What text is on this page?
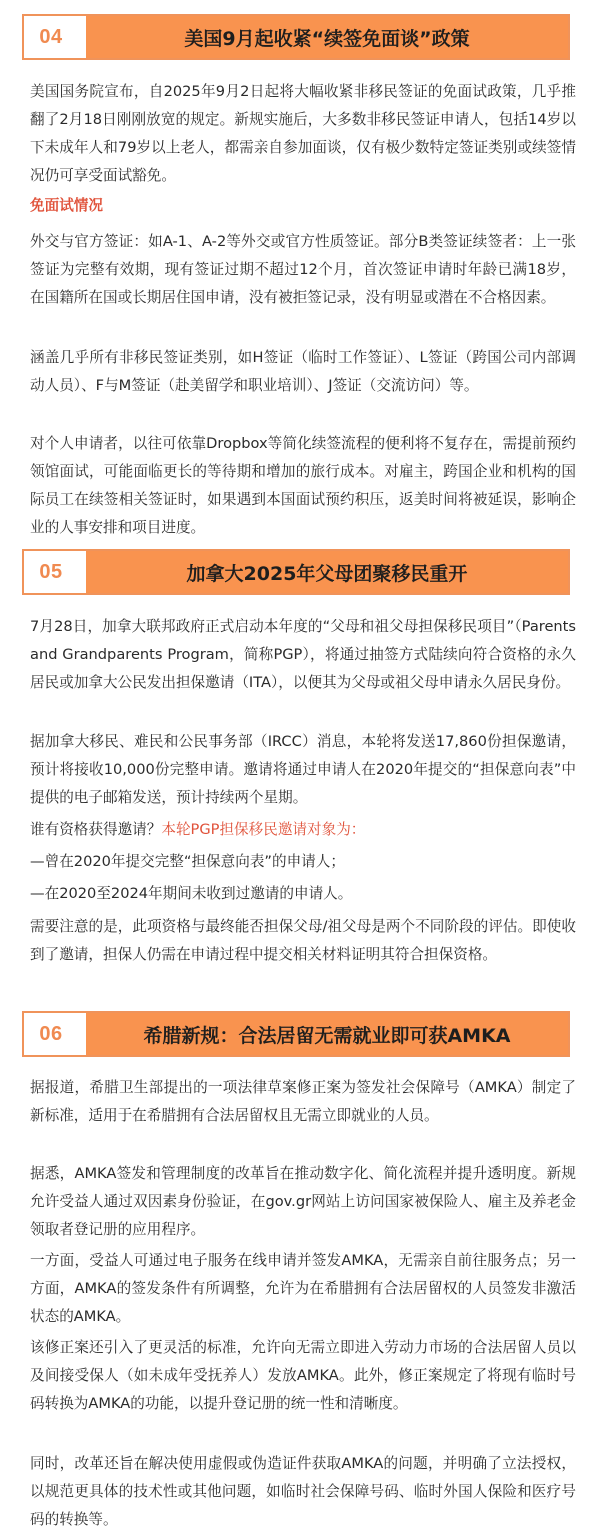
04	美国9月起收紧“续签免面谈”政策

美国国务院宣布，自2025年9月2日起将大幅收紧非移民签证的免面试政策，几乎推翻了2月18日刚刚放宽的规定。新规实施后，大多数非移民签证申请人，包括14岁以下未成年人和79岁以上老人，都需亲自参加面谈，仅有极少数特定签证类别或续签情况仍可享受面试豁免。

免面试情况

外交与官方签证：如A-1、A-2等外交或官方性质签证。部分B类签证续签者：上一张签证为完整有效期，现有签证过期不超过12个月，首次签证申请时年龄已满18岁，在国籍所在国或长期居住国申请，没有被拒签记录，没有明显或潜在不合格因素。

涵盖几乎所有非移民签证类别，如H签证（临时工作签证）、L签证（跨国公司内部调动人员）、F与M签证（赴美留学和职业培训）、J签证（交流访问）等。

对个人申请者，以往可依靠Dropbox等简化续签流程的便利将不复存在，需提前预约领馆面试，可能面临更长的等待期和增加的旅行成本。对雇主，跨国企业和机构的国际员工在续签相关签证时，如果遇到本国面试预约积压，返美时间将被延误，影响企业的人事安排和项目进度。

05	加拿大2025年父母团聚移民重开

7月28日，加拿大联邦政府正式启动本年度的“父母和祖父母担保移民项目”（Parents and Grandparents Program，简称PGP），将通过抽签方式陆续向符合资格的永久居民或加拿大公民发出担保邀请（ITA），以便其为父母或祖父母申请永久居民身份。

据加拿大移民、难民和公民事务部（IRCC）消息，本轮将发送17,860份担保邀请，预计将接收10,000份完整申请。邀请将通过申请人在2020年提交的“担保意向表”中提供的电子邮箱发送，预计持续两个星期。

谁有资格获得邀请？本轮PGP担保移民邀请对象为：

—曾在2020年提交完整“担保意向表”的申请人；

—在2020至2024年期间未收到过邀请的申请人。

需要注意的是，此项资格与最终能否担保父母/祖父母是两个不同阶段的评估。即使收到了邀请，担保人仍需在申请过程中提交相关材料证明其符合担保资格。

06	希腊新规：合法居留无需就业即可获AMKA

据报道，希腊卫生部提出的一项法律草案修正案为签发社会保障号（AMKA）制定了新标准，适用于在希腊拥有合法居留权且无需立即就业的人员。

据悉，AMKA签发和管理制度的改革旨在推动数字化、简化流程并提升透明度。新规允许受益人通过双因素身份验证，在gov.gr网站上访问国家被保险人、雇主及养老金领取者登记册的应用程序。

一方面，受益人可通过电子服务在线申请并签发AMKA，无需亲自前往服务点；另一方面，AMKA的签发条件有所调整，允许为在希腊拥有合法居留权的人员签发非激活状态的AMKA。

该修正案还引入了更灵活的标准，允许向无需立即进入劳动力市场的合法居留人员以及间接受保人（如未成年受抚养人）发放AMKA。此外，修正案规定了将现有临时号码转换为AMKA的功能，以提升登记册的统一性和清晰度。

同时，改革还旨在解决使用虚假或伪造证件获取AMKA的问题，并明确了立法授权，以规范更具体的技术性或其他问题，如临时社会保障号码、临时外国人保险和医疗号码的转换等。
